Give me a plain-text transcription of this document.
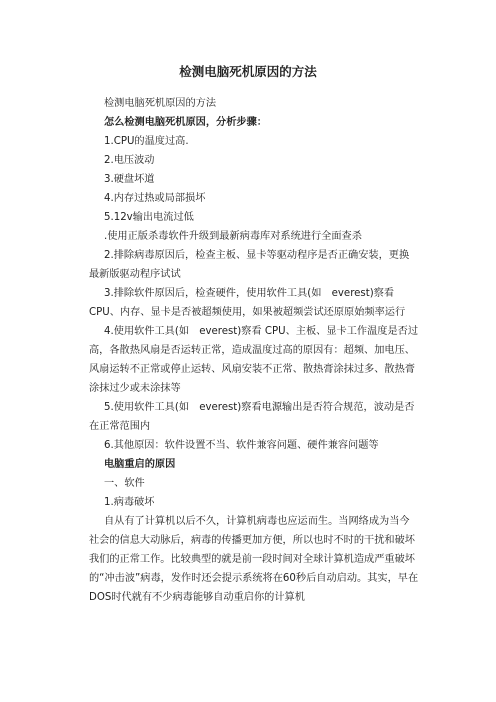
检测电脑死机原因的方法

检测电脑死机原因的方法

怎么检测电脑死机原因，分析步骤：

1.CPU的温度过高.

2.电压波动

3.硬盘坏道

4.内存过热或局部损坏

5.12v输出电流过低

.使用正版杀毒软件升级到最新病毒库对系统进行全面查杀

2.排除病毒原因后，检查主板、显卡等驱动程序是否正确安装，更换最新版驱动程序试试

3.排除软件原因后，检查硬件，使用软件工具(如　everest)察看CPU、内存、显卡是否被超频使用，如果被超频尝试还原原始频率运行

4.使用软件工具(如　everest)察看 CPU、主板、显卡工作温度是否过高，各散热风扇是否运转正常，造成温度过高的原因有：超频、加电压、风扇运转不正常或停止运转、风扇安装不正常、散热膏涂抹过多、散热膏涂抹过少或未涂抹等

5.使用软件工具(如　everest)察看电源输出是否符合规范，波动是否在正常范围内

6.其他原因：软件设置不当、软件兼容问题、硬件兼容问题等

电脑重启的原因

一、软件

1.病毒破坏

自从有了计算机以后不久，计算机病毒也应运而生。当网络成为当今社会的信息大动脉后，病毒的传播更加方便，所以也时不时的干扰和破坏我们的正常工作。比较典型的就是前一段时间对全球计算机造成严重破坏的“冲击波”病毒，发作时还会提示系统将在60秒后自动启动。其实，早在DOS时代就有不少病毒能够自动重启你的计算机
